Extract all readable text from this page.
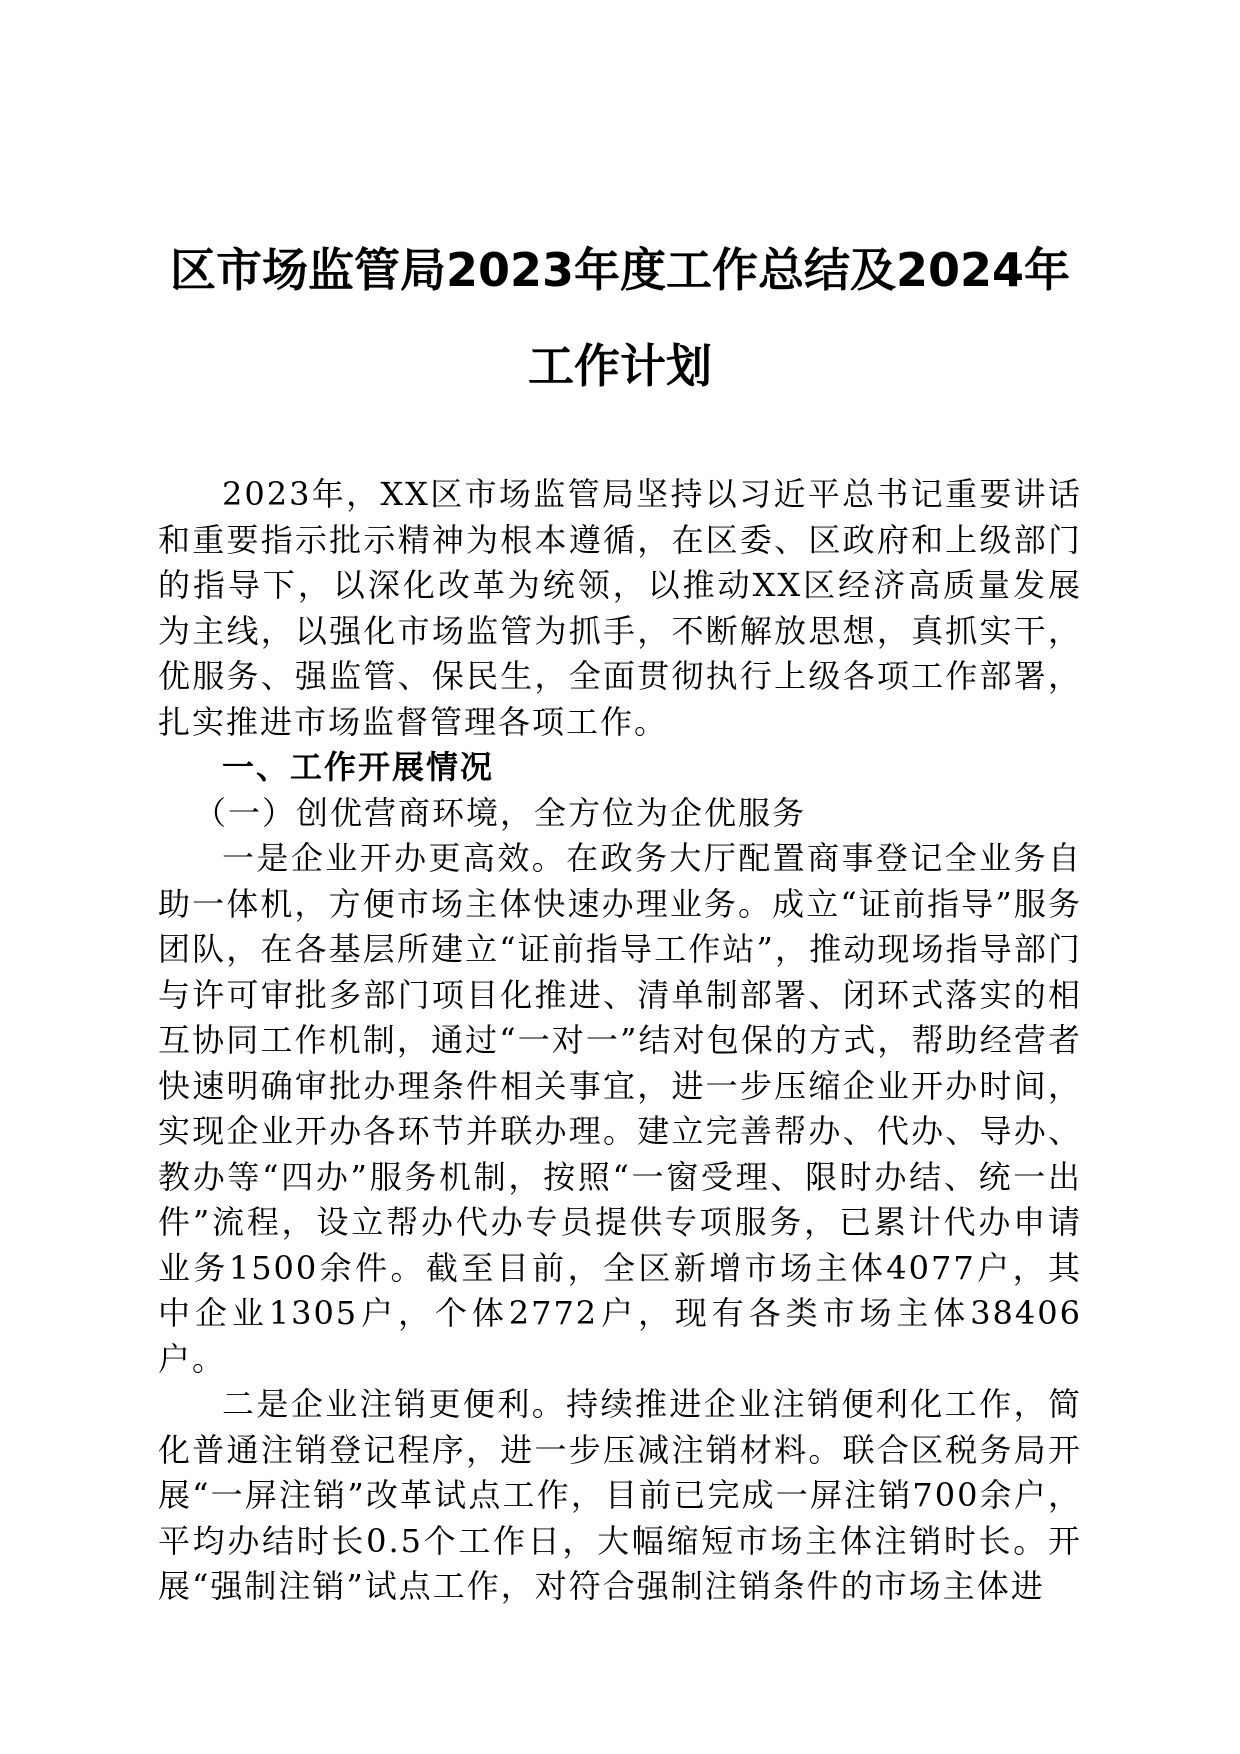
区市场监管局2023年度工作总结及2024年工作计划

2023年，XX区市场监管局坚持以习近平总书记重要讲话和重要指示批示精神为根本遵循，在区委、区政府和上级部门的指导下，以深化改革为统领，以推动XX区经济高质量发展为主线，以强化市场监管为抓手，不断解放思想，真抓实干，优服务、强监管、保民生，全面贯彻执行上级各项工作部署，扎实推进市场监督管理各项工作。

一、工作开展情况

（一）创优营商环境，全方位为企优服务

一是企业开办更高效。在政务大厅配置商事登记全业务自助一体机，方便市场主体快速办理业务。成立“证前指导”服务团队，在各基层所建立“证前指导工作站”，推动现场指导部门与许可审批多部门项目化推进、清单制部署、闭环式落实的相互协同工作机制，通过“一对一”结对包保的方式，帮助经营者快速明确审批办理条件相关事宜，进一步压缩企业开办时间，实现企业开办各环节并联办理。建立完善帮办、代办、导办、教办等“四办”服务机制，按照“一窗受理、限时办结、统一出件”流程，设立帮办代办专员提供专项服务，已累计代办申请业务1500余件。截至目前，全区新增市场主体4077户，其中企业1305户，个体2772户，现有各类市场主体38406户。

二是企业注销更便利。持续推进企业注销便利化工作，简化普通注销登记程序，进一步压减注销材料。联合区税务局开展“一屏注销”改革试点工作，目前已完成一屏注销700余户，平均办结时长0.5个工作日，大幅缩短市场主体注销时长。开展“强制注销”试点工作，对符合强制注销条件的市场主体进
